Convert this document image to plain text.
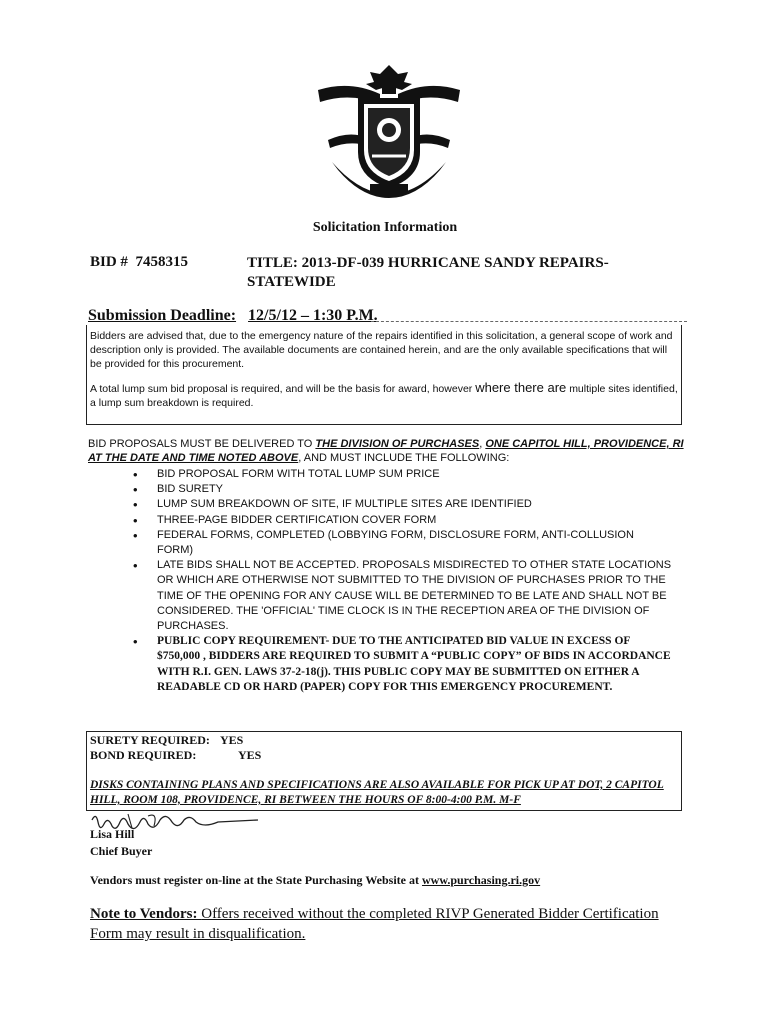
Solicitation Information
BID # 7458315	TITLE: 2013-DF-039 HURRICANE SANDY REPAIRS-STATEWIDE
Submission Deadline: 12/5/12 – 1:30 P.M.

Bidders are advised that, due to the emergency nature of the repairs identified in this solicitation, a general scope of work and description only is provided. The available documents are contained herein, and are the only available specifications that will be provided for this procurement.

A total lump sum bid proposal is required, and will be the basis for award, however where there are multiple sites identified, a lump sum breakdown is required.

BID PROPOSALS MUST BE DELIVERED TO THE DIVISION OF PURCHASES, ONE CAPITOL HILL, PROVIDENCE, RI AT THE DATE AND TIME NOTED ABOVE, AND MUST INCLUDE THE FOLLOWING:
• BID PROPOSAL FORM WITH TOTAL LUMP SUM PRICE
• BID SURETY
• LUMP SUM BREAKDOWN OF SITE, IF MULTIPLE SITES ARE IDENTIFIED
• THREE-PAGE BIDDER CERTIFICATION COVER FORM
• FEDERAL FORMS, COMPLETED (LOBBYING FORM, DISCLOSURE FORM, ANTI-COLLUSION FORM)
• LATE BIDS SHALL NOT BE ACCEPTED. PROPOSALS MISDIRECTED TO OTHER STATE LOCATIONS OR WHICH ARE OTHERWISE NOT SUBMITTED TO THE DIVISION OF PURCHASES PRIOR TO THE TIME OF THE OPENING FOR ANY CAUSE WILL BE DETERMINED TO BE LATE AND SHALL NOT BE CONSIDERED. THE 'OFFICIAL' TIME CLOCK IS IN THE RECEPTION AREA OF THE DIVISION OF PURCHASES.
• PUBLIC COPY REQUIREMENT- DUE TO THE ANTICIPATED BID VALUE IN EXCESS OF $750,000 , BIDDERS ARE REQUIRED TO SUBMIT A “PUBLIC COPY” OF BIDS IN ACCORDANCE WITH R.I. GEN. LAWS 37-2-18(j). THIS PUBLIC COPY MAY BE SUBMITTED ON EITHER A READABLE CD OR HARD (PAPER) COPY FOR THIS EMERGENCY PROCUREMENT.
SURETY REQUIRED: YES
BOND REQUIRED:	YES
DISKS CONTAINING PLANS AND SPECIFICATIONS ARE ALSO AVAILABLE FOR PICK UP AT DOT, 2 CAPITOL HILL, ROOM 108, PROVIDENCE, RI BETWEEN THE HOURS OF 8:00-4:00 P.M. M-F
Lisa Hill
Chief Buyer
Vendors must register on-line at the State Purchasing Website at www.purchasing.ri.gov
Note to Vendors: Offers received without the completed RIVP Generated Bidder Certification Form may result in disqualification.
